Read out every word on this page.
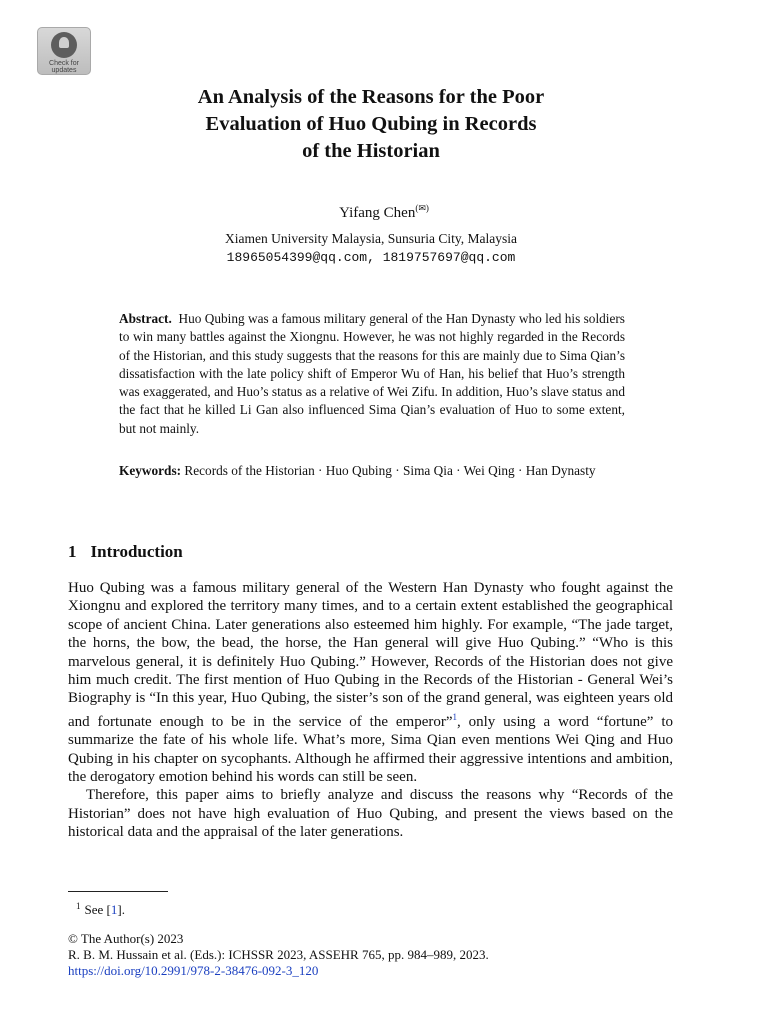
Check for
updates
An Analysis of the Reasons for the Poor
Evaluation of Huo Qubing in Records
of the Historian
Yifang Chen(✉)
Xiamen University Malaysia, Sunsuria City, Malaysia
18965054399@qq.com, 1819757697@qq.com
Abstract. Huo Qubing was a famous military general of the Han Dynasty who led his soldiers to win many battles against the Xiongnu. However, he was not highly regarded in the Records of the Historian, and this study suggests that the reasons for this are mainly due to Sima Qian’s dissatisfaction with the late policy shift of Emperor Wu of Han, his belief that Huo’s strength was exaggerated, and Huo’s status as a relative of Wei Zifu. In addition, Huo’s slave status and the fact that he killed Li Gan also influenced Sima Qian’s evaluation of Huo to some extent, but not mainly.
Keywords: Records of the Historian · Huo Qubing · Sima Qia · Wei Qing · Han Dynasty
1 Introduction

Huo Qubing was a famous military general of the Western Han Dynasty who fought against the Xiongnu and explored the territory many times, and to a certain extent established the geographical scope of ancient China. Later generations also esteemed him highly. For example, “The jade target, the horns, the bow, the bead, the horse, the Han general will give Huo Qubing.” “Who is this marvelous general, it is definitely Huo Qubing.” However, Records of the Historian does not give him much credit. The first mention of Huo Qubing in the Records of the Historian - General Wei’s Biography is “In this year, Huo Qubing, the sister’s son of the grand general, was eighteen years old and fortunate enough to be in the service of the emperor”$^1$, only using a word “fortune” to summarize the fate of his whole life. What’s more, Sima Qian even mentions Wei Qing and Huo Qubing in his chapter on sycophants. Although he affirmed their aggressive intentions and ambition, the derogatory emotion behind his words can still be seen.

Therefore, this paper aims to briefly analyze and discuss the reasons why “Records of the Historian” does not have high evaluation of Huo Qubing, and present the views based on the historical data and the appraisal of the later generations.

$^1$ See [1].
© The Author(s) 2023
R. B. M. Hussain et al. (Eds.): ICHSSR 2023, ASSEHR 765, pp. 984–989, 2023.
https://doi.org/10.2991/978-2-38476-092-3_120
